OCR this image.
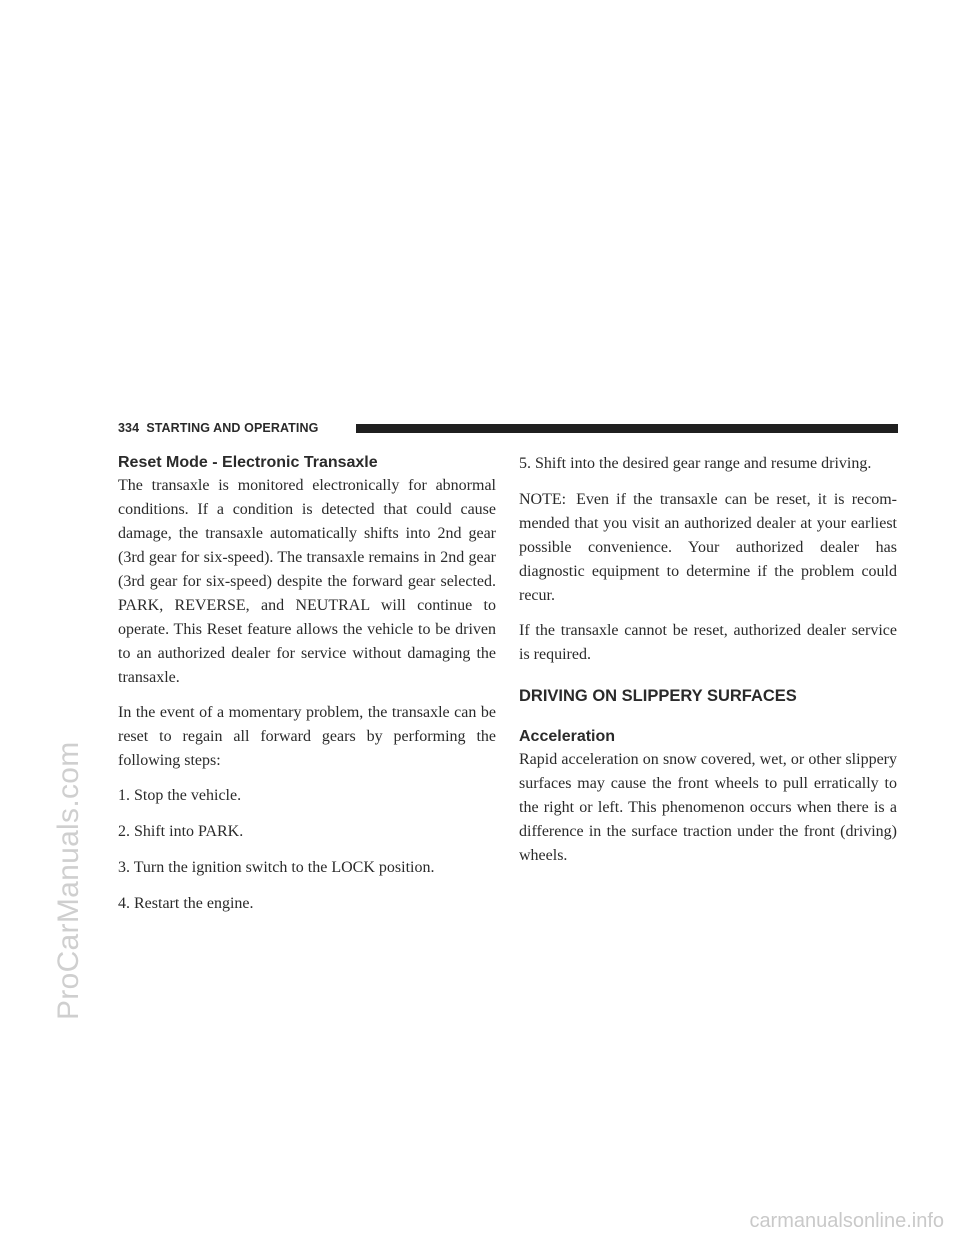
334 STARTING AND OPERATING
Reset Mode - Electronic Transaxle

The transaxle is monitored electronically for abnormal conditions. If a condition is detected that could cause damage, the transaxle automatically shifts into 2nd gear (3rd gear for six-speed). The transaxle remains in 2nd gear (3rd gear for six-speed) despite the forward gear selected. PARK, REVERSE, and NEUTRAL will continue to operate. This Reset feature allows the vehicle to be driven to an authorized dealer for service without damaging the transaxle.

In the event of a momentary problem, the transaxle can be reset to regain all forward gears by performing the following steps:

1. Stop the vehicle.

2. Shift into PARK.

3. Turn the ignition switch to the LOCK position.

4. Restart the engine.

5. Shift into the desired gear range and resume driving.

NOTE: Even if the transaxle can be reset, it is recommended that you visit an authorized dealer at your earliest possible convenience. Your authorized dealer has diagnostic equipment to determine if the problem could recur.

If the transaxle cannot be reset, authorized dealer service is required.

DRIVING ON SLIPPERY SURFACES
Acceleration

Rapid acceleration on snow covered, wet, or other slippery surfaces may cause the front wheels to pull erratically to the right or left. This phenomenon occurs when there is a difference in the surface traction under the front (driving) wheels.

ProCarManuals.com
carmanualsonline.info
